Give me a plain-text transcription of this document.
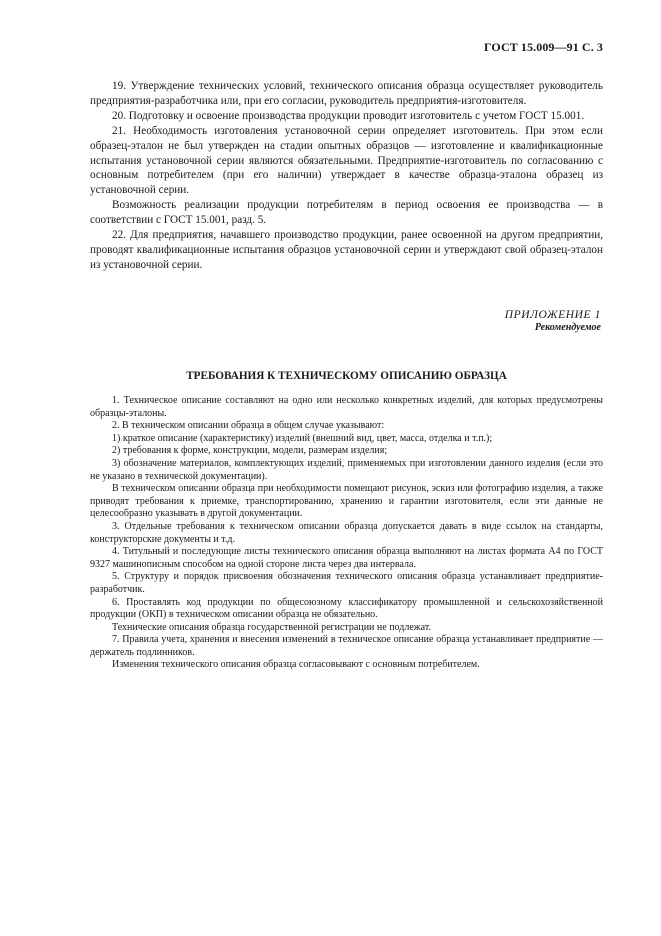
ГОСТ 15.009—91 С. 3

19. Утверждение технических условий, технического описания образца осуществляет руководитель предприятия-разработчика или, при его согласии, руководитель предприятия-изготовителя.

20. Подготовку и освоение производства продукции проводит изготовитель с учетом ГОСТ 15.001.

21. Необходимость изготовления установочной серии определяет изготовитель. При этом если образец-эталон не был утвержден на стадии опытных образцов — изготовление и квалификационные испытания установочной серии являются обязательными. Предприятие-изготовитель по согласованию с основным потребителем (при его наличии) утверждает в качестве образца-эталона образец из установочной серии.

Возможность реализации продукции потребителям в период освоения ее производства — в соответствии с ГОСТ 15.001, разд. 5.

22. Для предприятия, начавшего производство продукции, ранее освоенной на другом предприятии, проводят квалификационные испытания образцов установочной серии и утверждают свой образец-эталон из установочной серии.

ПРИЛОЖЕНИЕ 1
Рекомендуемое
ТРЕБОВАНИЯ К ТЕХНИЧЕСКОМУ ОПИСАНИЮ ОБРАЗЦА

1. Техническое описание составляют на одно или несколько конкретных изделий, для которых предусмотрены образцы-эталоны.

2. В техническом описании образца в общем случае указывают:

1) краткое описание (характеристику) изделий (внешний вид, цвет, масса, отделка и т.п.);

2) требования к форме, конструкции, модели, размерам изделия;

3) обозначение материалов, комплектующих изделий, применяемых при изготовлении данного изделия (если это не указано в технической документации).

В техническом описании образца при необходимости помещают рисунок, эскиз или фотографию изделия, а также приводят требования к приемке, транспортированию, хранению и гарантии изготовителя, если эти данные не целесообразно указывать в другой документации.

3. Отдельные требования к техническом описании образца допускается давать в виде ссылок на стандарты, конструкторские документы и т.д.

4. Титульный и последующие листы технического описания образца выполняют на листах формата А4 по ГОСТ 9327 машинописным способом на одной стороне листа через два интервала.

5. Структуру и порядок присвоения обозначения технического описания образца устанавливает предприятие-разработчик.

6. Проставлять код продукции по общесоюзному классификатору промышленной и сельскохозяйственной продукции (ОКП) в техническом описании образца не обязательно.

Технические описания образца государственной регистрации не подлежат.

7. Правила учета, хранения и внесения изменений в техническое описание образца устанавливает предприятие — держатель подлинников.

Изменения технического описания образца согласовывают с основным потребителем.
